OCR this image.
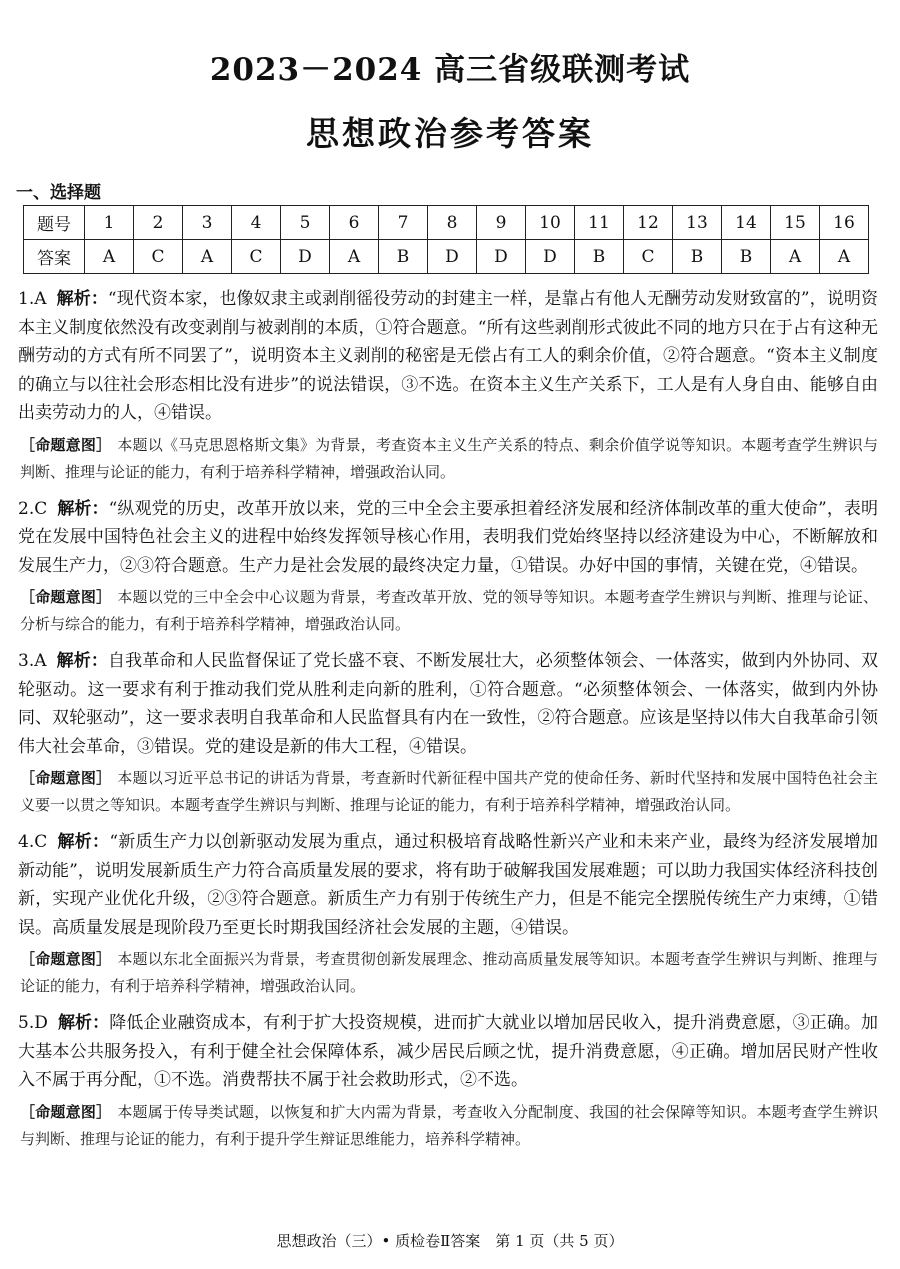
2023－2024 高三省级联测考试
思想政治参考答案
一、选择题
题号	1	2	3	4	5	6	7	8	9	10	11	12	13	14	15	16
答案	A	C	A	C	D	A	B	D	D	D	B	C	B	B	A	A
1.A 解析：“现代资本家，也像奴隶主或剥削徭役劳动的封建主一样，是靠占有他人无酬劳动发财致富的”，说明资本主义制度依然没有改变剥削与被剥削的本质，①符合题意。“所有这些剥削形式彼此不同的地方只在于占有这种无酬劳动的方式有所不同罢了”，说明资本主义剥削的秘密是无偿占有工人的剩余价值，②符合题意。“资本主义制度的确立与以往社会形态相比没有进步”的说法错误，③不选。在资本主义生产关系下，工人是有人身自由、能够自由出卖劳动力的人，④错误。
［命题意图］ 本题以《马克思恩格斯文集》为背景，考查资本主义生产关系的特点、剩余价值学说等知识。本题考查学生辨识与判断、推理与论证的能力，有利于培养科学精神，增强政治认同。
2.C 解析：“纵观党的历史，改革开放以来，党的三中全会主要承担着经济发展和经济体制改革的重大使命”，表明党在发展中国特色社会主义的进程中始终发挥领导核心作用，表明我们党始终坚持以经济建设为中心，不断解放和发展生产力，②③符合题意。生产力是社会发展的最终决定力量，①错误。办好中国的事情，关键在党，④错误。
［命题意图］ 本题以党的三中全会中心议题为背景，考查改革开放、党的领导等知识。本题考查学生辨识与判断、推理与论证、分析与综合的能力，有利于培养科学精神，增强政治认同。
3.A 解析：自我革命和人民监督保证了党长盛不衰、不断发展壮大，必须整体领会、一体落实，做到内外协同、双轮驱动。这一要求有利于推动我们党从胜利走向新的胜利，①符合题意。“必须整体领会、一体落实，做到内外协同、双轮驱动”，这一要求表明自我革命和人民监督具有内在一致性，②符合题意。应该是坚持以伟大自我革命引领伟大社会革命，③错误。党的建设是新的伟大工程，④错误。
［命题意图］ 本题以习近平总书记的讲话为背景，考查新时代新征程中国共产党的使命任务、新时代坚持和发展中国特色社会主义要一以贯之等知识。本题考查学生辨识与判断、推理与论证的能力，有利于培养科学精神，增强政治认同。
4.C 解析：“新质生产力以创新驱动发展为重点，通过积极培育战略性新兴产业和未来产业，最终为经济发展增加新动能”，说明发展新质生产力符合高质量发展的要求，将有助于破解我国发展难题；可以助力我国实体经济科技创新，实现产业优化升级，②③符合题意。新质生产力有别于传统生产力，但是不能完全摆脱传统生产力束缚，①错误。高质量发展是现阶段乃至更长时期我国经济社会发展的主题，④错误。
［命题意图］ 本题以东北全面振兴为背景，考查贯彻创新发展理念、推动高质量发展等知识。本题考查学生辨识与判断、推理与论证的能力，有利于培养科学精神，增强政治认同。
5.D 解析：降低企业融资成本，有利于扩大投资规模，进而扩大就业以增加居民收入，提升消费意愿，③正确。加大基本公共服务投入，有利于健全社会保障体系，减少居民后顾之忧，提升消费意愿，④正确。增加居民财产性收入不属于再分配，①不选。消费帮扶不属于社会救助形式，②不选。
［命题意图］ 本题属于传导类试题，以恢复和扩大内需为背景，考查收入分配制度、我国的社会保障等知识。本题考查学生辨识与判断、推理与论证的能力，有利于提升学生辩证思维能力，培养科学精神。
思想政治（三）• 质检卷Ⅱ答案　第 1 页（共 5 页）
